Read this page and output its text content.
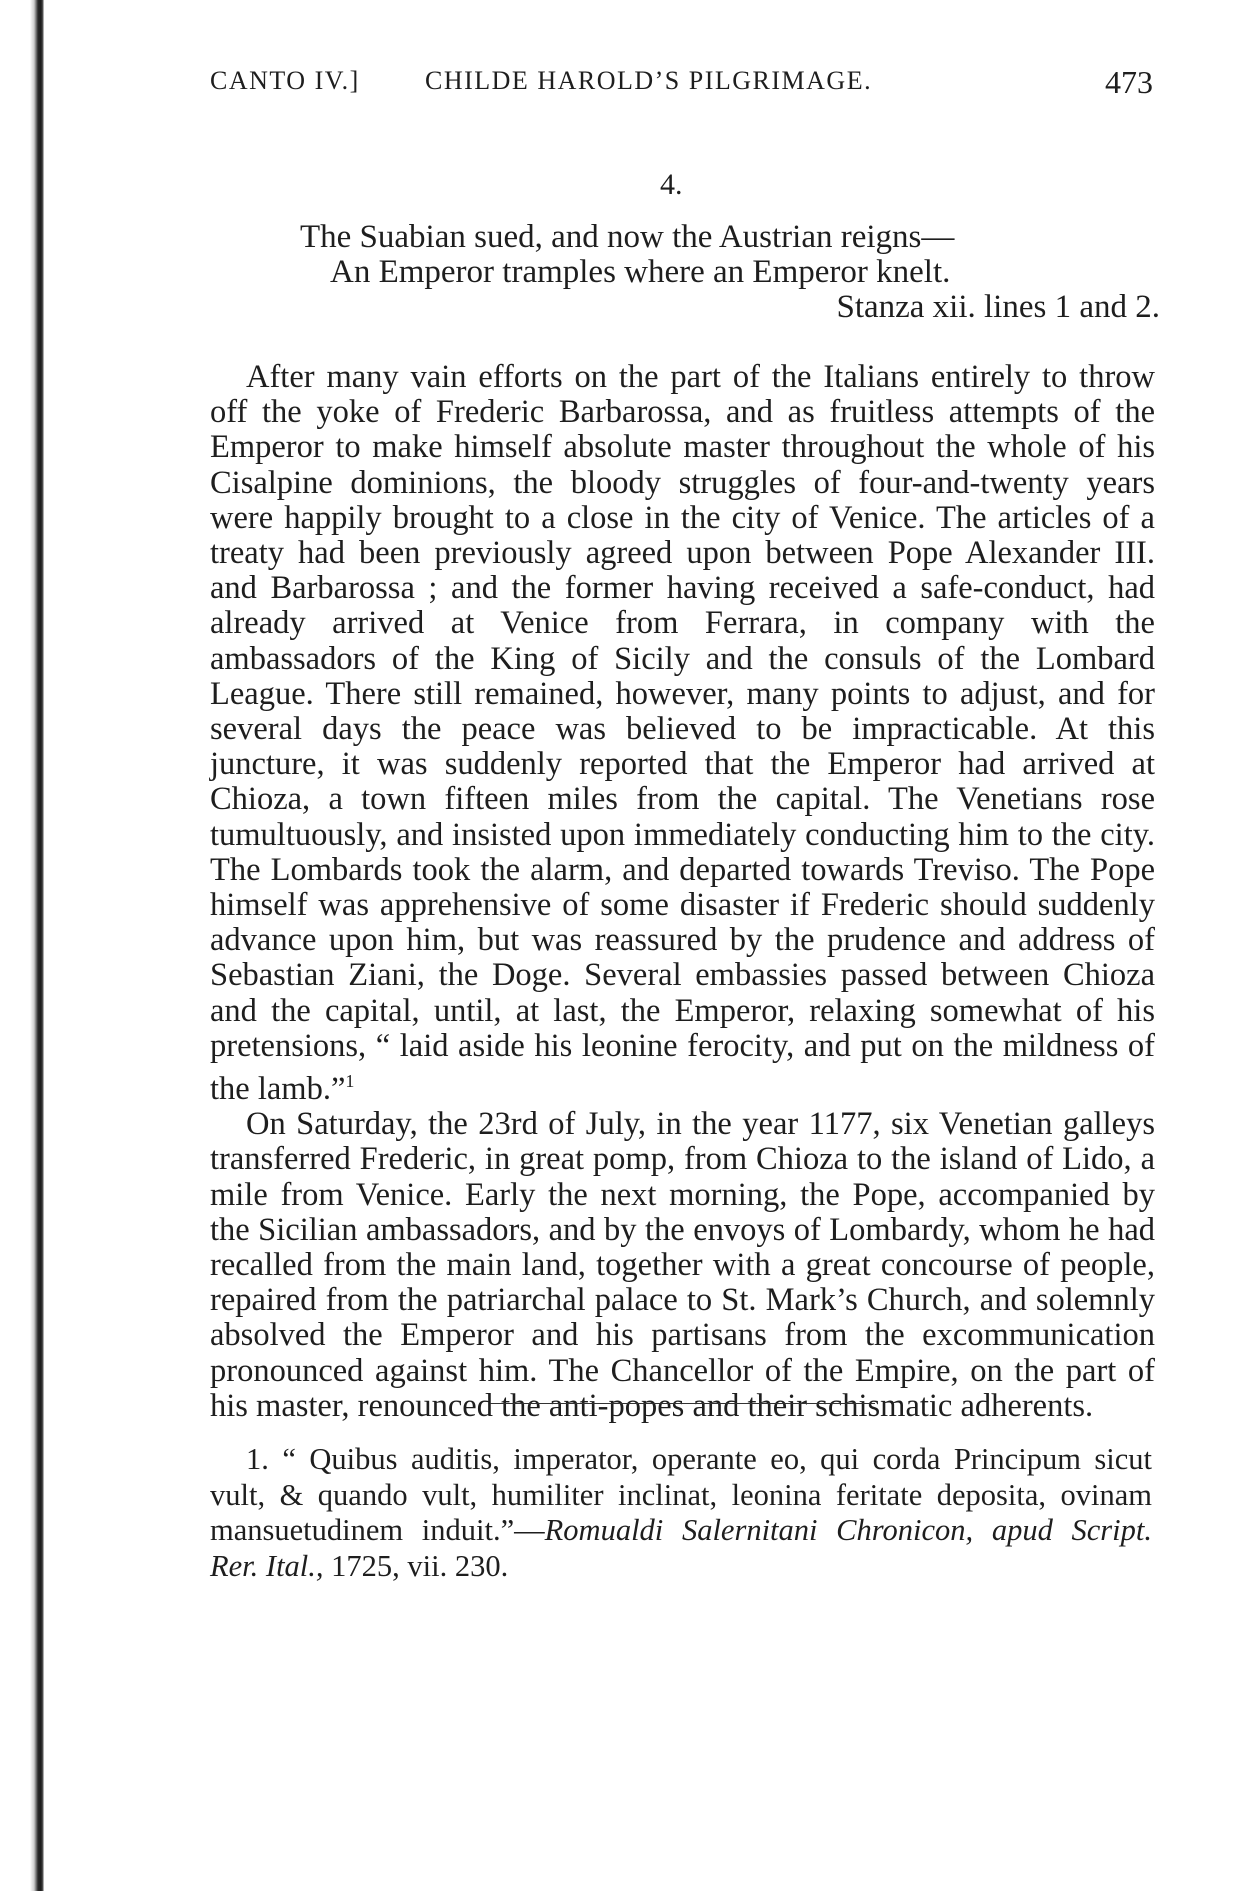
CANTO IV.]	CHILDE HAROLD’S PILGRIMAGE.	473
4.
The Suabian sued, and now the Austrian reigns—
An Emperor tramples where an Emperor knelt.
Stanza xii. lines 1 and 2.

After many vain efforts on the part of the Italians entirely to throw off the yoke of Frederic Barbarossa, and as fruitless attempts of the Emperor to make himself absolute master throughout the whole of his Cisalpine dominions, the bloody struggles of four-and-twenty years were happily brought to a close in the city of Venice. The articles of a treaty had been previously agreed upon between Pope Alexander III. and Barbarossa ; and the former having received a safe-conduct, had already arrived at Venice from Ferrara, in company with the ambassadors of the King of Sicily and the consuls of the Lombard League. There still remained, however, many points to adjust, and for several days the peace was believed to be impracticable. At this juncture, it was suddenly reported that the Emperor had arrived at Chioza, a town fifteen miles from the capital. The Venetians rose tumultuously, and insisted upon immediately conducting him to the city. The Lombards took the alarm, and departed towards Treviso. The Pope himself was apprehensive of some disaster if Frederic should suddenly advance upon him, but was reassured by the prudence and address of Sebastian Ziani, the Doge. Several embassies passed between Chioza and the capital, until, at last, the Emperor, relaxing somewhat of his pretensions, “ laid aside his leonine ferocity, and put on the mildness of the lamb.”$^1$

On Saturday, the 23rd of July, in the year 1177, six Venetian galleys transferred Frederic, in great pomp, from Chioza to the island of Lido, a mile from Venice. Early the next morning, the Pope, accompanied by the Sicilian ambassadors, and by the envoys of Lombardy, whom he had recalled from the main land, together with a great concourse of people, repaired from the patriarchal palace to St. Mark’s Church, and solemnly absolved the Emperor and his partisans from the excommunication pronounced against him. The Chancellor of the Empire, on the part of his master, renounced the anti-popes and their schismatic adherents.

1. “ Quibus auditis, imperator, operante eo, qui corda Principum sicut vult, & quando vult, humiliter inclinat, leonina feritate deposita, ovinam mansuetudinem induit.”—Romualdi Salernitani Chronicon, apud Script. Rer. Ital., 1725, vii. 230.
